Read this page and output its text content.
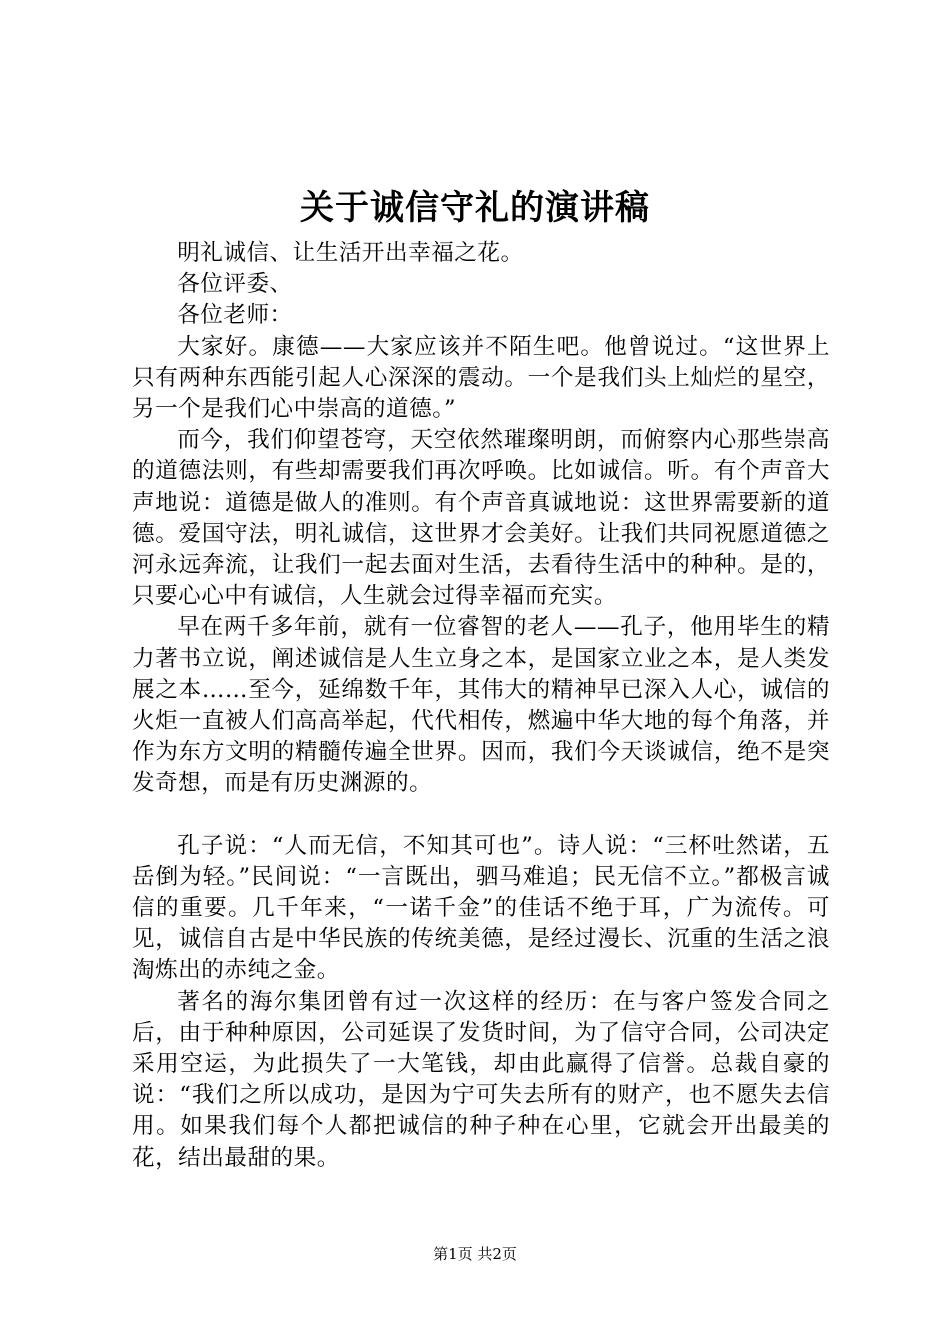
关于诚信守礼的演讲稿

明礼诚信、让生活开出幸福之花。

各位评委、

各位老师：

大家好。康德——大家应该并不陌生吧。他曾说过。“这世界上只有两种东西能引起人心深深的震动。一个是我们头上灿烂的星空，另一个是我们心中崇高的道德。”

而今，我们仰望苍穹，天空依然璀璨明朗，而俯察内心那些崇高的道德法则，有些却需要我们再次呼唤。比如诚信。听。有个声音大声地说：道德是做人的准则。有个声音真诚地说：这世界需要新的道德。爱国守法，明礼诚信，这世界才会美好。让我们共同祝愿道德之河永远奔流，让我们一起去面对生活，去看待生活中的种种。是的，只要心心中有诚信，人生就会过得幸福而充实。

早在两千多年前，就有一位睿智的老人——孔子，他用毕生的精力著书立说，阐述诚信是人生立身之本，是国家立业之本，是人类发展之本……至今，延绵数千年，其伟大的精神早已深入人心，诚信的火炬一直被人们高高举起，代代相传，燃遍中华大地的每个角落，并作为东方文明的精髓传遍全世界。因而，我们今天谈诚信，绝不是突发奇想，而是有历史渊源的。

孔子说：“人而无信，不知其可也”。诗人说：“三杯吐然诺，五岳倒为轻。”民间说：“一言既出，驷马难追；民无信不立。”都极言诚信的重要。几千年来，“一诺千金”的佳话不绝于耳，广为流传。可见，诚信自古是中华民族的传统美德，是经过漫长、沉重的生活之浪淘炼出的赤纯之金。

著名的海尔集团曾有过一次这样的经历：在与客户签发合同之后，由于种种原因，公司延误了发货时间，为了信守合同，公司决定采用空运，为此损失了一大笔钱，却由此赢得了信誉。总裁自豪的说：“我们之所以成功，是因为宁可失去所有的财产，也不愿失去信用。如果我们每个人都把诚信的种子种在心里，它就会开出最美的花，结出最甜的果。

第1页 共2页
